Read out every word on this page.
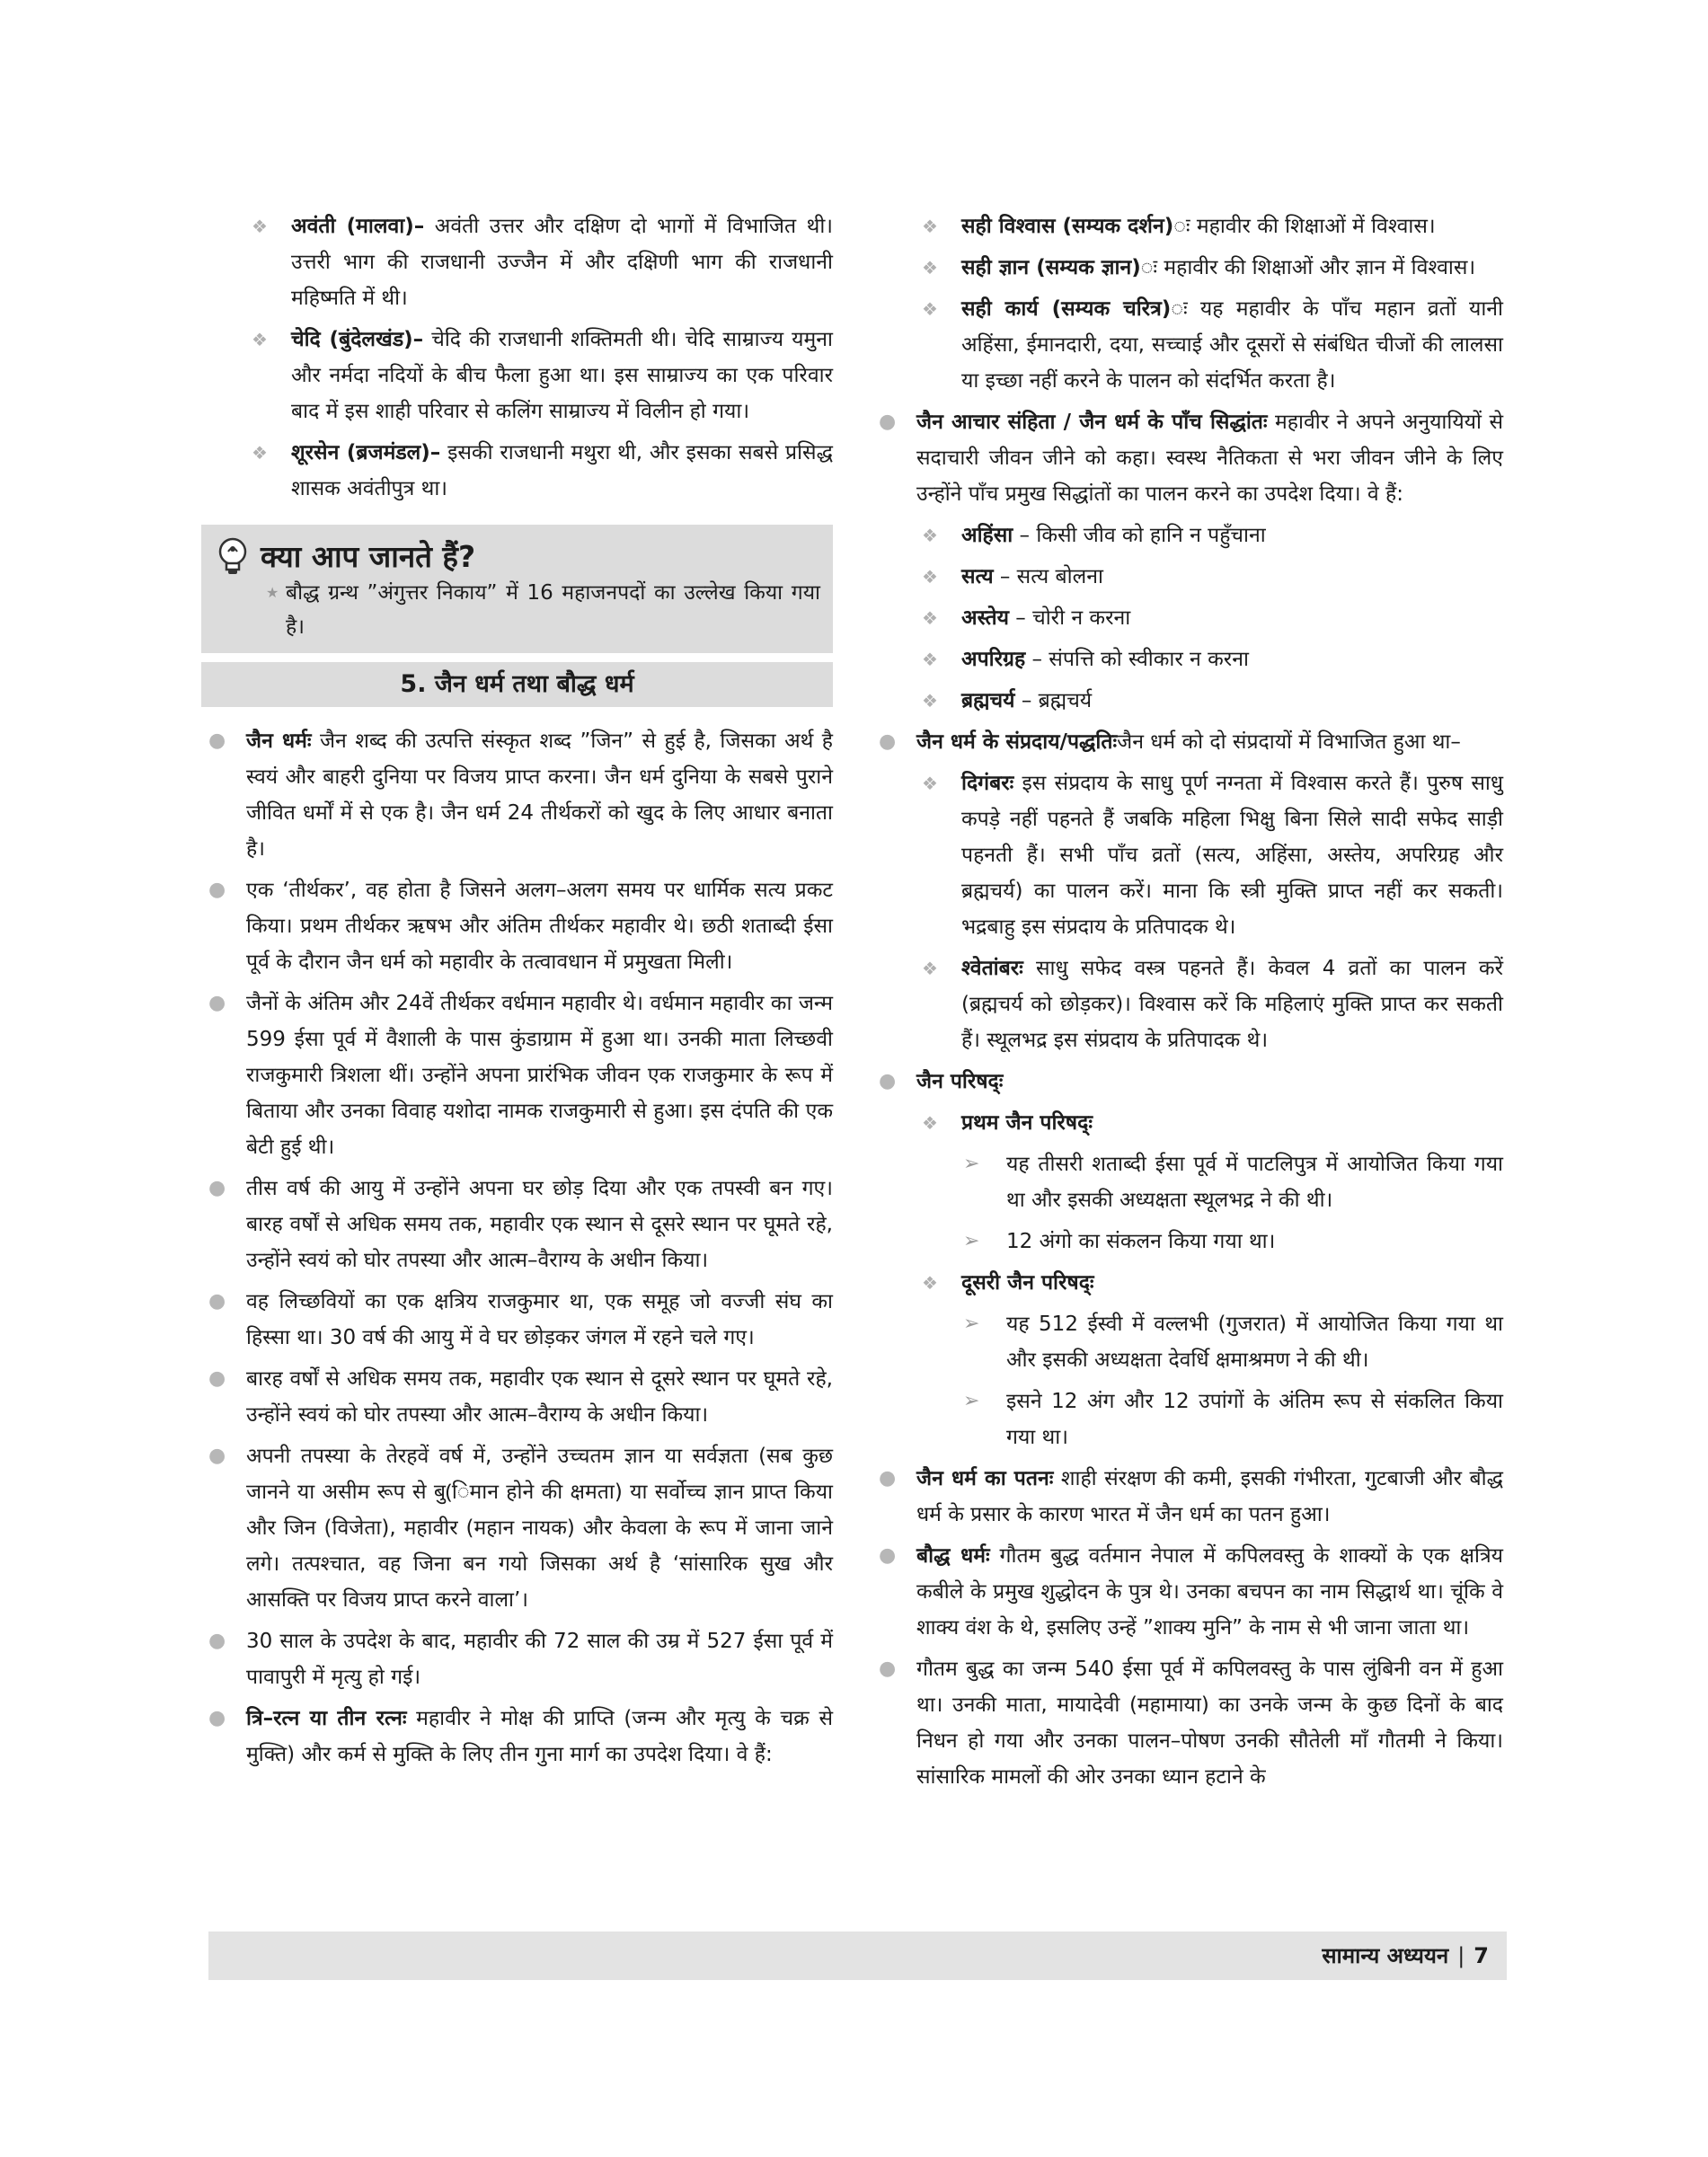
❖ अवंती (मालवा)– अवंती उत्तर और दक्षिण दो भागों में विभाजित थी। उत्तरी भाग की राजधानी उज्जैन में और दक्षिणी भाग की राजधानी महिष्मति में थी।

❖ चेदि (बुंदेलखंड)– चेदि की राजधानी शक्तिमती थी। चेदि साम्राज्य यमुना और नर्मदा नदियों के बीच फैला हुआ था। इस साम्राज्य का एक परिवार बाद में इस शाही परिवार से कलिंग साम्राज्य में विलीन हो गया।

❖ शूरसेन (ब्रजमंडल)– इसकी राजधानी मथुरा थी, और इसका सबसे प्रसिद्ध शासक अवंतीपुत्र था।

क्या आप जानते हैं?
★ बौद्ध ग्रन्थ ”अंगुत्तर निकाय” में 16 महाजनपदों का उल्लेख किया गया है।

5. जैन धर्म तथा बौद्ध धर्म
● जैन धर्मः जैन शब्द की उत्पत्ति संस्कृत शब्द ”जिन” से हुई है, जिसका अर्थ है स्वयं और बाहरी दुनिया पर विजय प्राप्त करना। जैन धर्म दुनिया के सबसे पुराने जीवित धर्मों में से एक है। जैन धर्म 24 तीर्थकरों को खुद के लिए आधार बनाता है।

● एक ‘तीर्थकर’, वह होता है जिसने अलग–अलग समय पर धार्मिक सत्य प्रकट किया। प्रथम तीर्थकर ऋषभ और अंतिम तीर्थकर महावीर थे। छठी शताब्दी ईसा पूर्व के दौरान जैन धर्म को महावीर के तत्वावधान में प्रमुखता मिली।

● जैनों के अंतिम और 24वें तीर्थकर वर्धमान महावीर थे। वर्धमान महावीर का जन्म 599 ईसा पूर्व में वैशाली के पास कुंडाग्राम में हुआ था। उनकी माता लिच्छवी राजकुमारी त्रिशला थीं। उन्होंने अपना प्रारंभिक जीवन एक राजकुमार के रूप में बिताया और उनका विवाह यशोदा नामक राजकुमारी से हुआ। इस दंपति की एक बेटी हुई थी।

● तीस वर्ष की आयु में उन्होंने अपना घर छोड़ दिया और एक तपस्वी बन गए। बारह वर्षों से अधिक समय तक, महावीर एक स्थान से दूसरे स्थान पर घूमते रहे, उन्होंने स्वयं को घोर तपस्या और आत्म–वैराग्य के अधीन किया।

● वह लिच्छवियों का एक क्षत्रिय राजकुमार था, एक समूह जो वज्जी संघ का हिस्सा था। 30 वर्ष की आयु में वे घर छोड़कर जंगल में रहने चले गए।

● बारह वर्षों से अधिक समय तक, महावीर एक स्थान से दूसरे स्थान पर घूमते रहे, उन्होंने स्वयं को घोर तपस्या और आत्म–वैराग्य के अधीन किया।

● अपनी तपस्या के तेरहवें वर्ष में, उन्होंने उच्चतम ज्ञान या सर्वज्ञता (सब कुछ जानने या असीम रूप से बु(िमान होने की क्षमता) या सर्वोच्च ज्ञान प्राप्त किया और जिन (विजेता), महावीर (महान नायक) और केवला के रूप में जाना जाने लगे। तत्पश्चात, वह जिना बन गयो जिसका अर्थ है ‘सांसारिक सुख और आसक्ति पर विजय प्राप्त करने वाला’।

● 30 साल के उपदेश के बाद, महावीर की 72 साल की उम्र में 527 ईसा पूर्व में पावापुरी में मृत्यु हो गई।

● त्रि–रत्न या तीन रत्नः महावीर ने मोक्ष की प्राप्ति (जन्म और मृत्यु के चक्र से मुक्ति) और कर्म से मुक्ति के लिए तीन गुना मार्ग का उपदेश दिया। वे हैं:

❖ सही विश्वास (सम्यक दर्शन)ः महावीर की शिक्षाओं में विश्वास।

❖ सही ज्ञान (सम्यक ज्ञान)ः महावीर की शिक्षाओं और ज्ञान में विश्वास।

❖ सही कार्य (सम्यक चरित्र)ः यह महावीर के पाँच महान व्रतों यानी अहिंसा, ईमानदारी, दया, सच्चाई और दूसरों से संबंधित चीजों की लालसा या इच्छा नहीं करने के पालन को संदर्भित करता है।

● जैन आचार संहिता / जैन धर्म के पाँच सिद्धांतः महावीर ने अपने अनुयायियों से सदाचारी जीवन जीने को कहा। स्वस्थ नैतिकता से भरा जीवन जीने के लिए उन्होंने पाँच प्रमुख सिद्धांतों का पालन करने का उपदेश दिया। वे हैं:

❖ अहिंसा – किसी जीव को हानि न पहुँचाना

❖ सत्य – सत्य बोलना

❖ अस्तेय – चोरी न करना

❖ अपरिग्रह – संपत्ति को स्वीकार न करना

❖ ब्रह्मचर्य – ब्रह्मचर्य

● जैन धर्म के संप्रदाय/पद्धतिःजैन धर्म को दो संप्रदायों में विभाजित हुआ था–

❖ दिगंबरः इस संप्रदाय के साधु पूर्ण नग्नता में विश्वास करते हैं। पुरुष साधु कपड़े नहीं पहनते हैं जबकि महिला भिक्षु बिना सिले सादी सफेद साड़ी पहनती हैं। सभी पाँच व्रतों (सत्य, अहिंसा, अस्तेय, अपरिग्रह और ब्रह्मचर्य) का पालन करें। माना कि स्त्री मुक्ति प्राप्त नहीं कर सकती। भद्रबाहु इस संप्रदाय के प्रतिपादक थे।

❖ श्वेतांबरः साधु सफेद वस्त्र पहनते हैं। केवल 4 व्रतों का पालन करें (ब्रह्मचर्य को छोड़कर)। विश्वास करें कि महिलाएं मुक्ति प्राप्त कर सकती हैं। स्थूलभद्र इस संप्रदाय के प्रतिपादक थे।

● जैन परिषद्ः

❖ प्रथम जैन परिषद्ः

➢ यह तीसरी शताब्दी ईसा पूर्व में पाटलिपुत्र में आयोजित किया गया था और इसकी अध्यक्षता स्थूलभद्र ने की थी।

➢ 12 अंगो का संकलन किया गया था।

❖ दूसरी जैन परिषद्ः

➢ यह 512 ईस्वी में वल्लभी (गुजरात) में आयोजित किया गया था और इसकी अध्यक्षता देवर्धि क्षमाश्रमण ने की थी।

➢ इसने 12 अंग और 12 उपांगों के अंतिम रूप से संकलित किया गया था।

● जैन धर्म का पतनः शाही संरक्षण की कमी, इसकी गंभीरता, गुटबाजी और बौद्ध धर्म के प्रसार के कारण भारत में जैन धर्म का पतन हुआ।

● बौद्ध धर्मः गौतम बुद्ध वर्तमान नेपाल में कपिलवस्तु के शाक्यों के एक क्षत्रिय कबीले के प्रमुख शुद्धोदन के पुत्र थे। उनका बचपन का नाम सिद्धार्थ था। चूंकि वे शाक्य वंश के थे, इसलिए उन्हें ”शाक्य मुनि” के नाम से भी जाना जाता था।

● गौतम बुद्ध का जन्म 540 ईसा पूर्व में कपिलवस्तु के पास लुंबिनी वन में हुआ था। उनकी माता, मायादेवी (महामाया) का उनके जन्म के कुछ दिनों के बाद निधन हो गया और उनका पालन–पोषण उनकी सौतेली माँ गौतमी ने किया। सांसारिक मामलों की ओर उनका ध्यान हटाने के

सामान्य अध्ययन | 7
